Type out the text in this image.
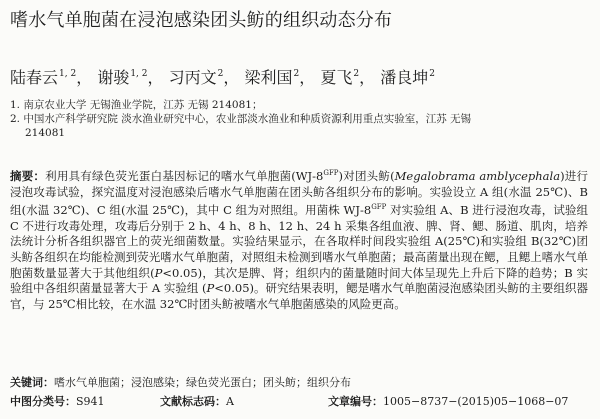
嗜水气单胞菌在浸泡感染团头鲂的组织动态分布
陆春云$^{1, 2}$， 谢骏$^{1, 2}$， 习丙文$^2$， 梁利国$^2$， 夏飞$^2$， 潘良坤$^2$
1. 南京农业大学 无锡渔业学院，江苏 无锡 214081；
2. 中国水产科学研究院 淡水渔业研究中心，农业部淡水渔业和种质资源利用重点实验室，江苏 无锡
214081
摘要：利用具有绿色荧光蛋白基因标记的嗜水气单胞菌$(WJ-8^{GFP})$对团头鲂(Megalobrama amblycephala)进行浸泡攻毒试验，探究温度对浸泡感染后嗜水气单胞菌在团头鲂各组织分布的影响。实验设立 A 组(水温 25℃)、B 组(水温 32℃)、C 组(水温 25℃)，其中 C 组为对照组。用菌株 $WJ-8^{GFP}$ 对实验组 A、B 进行浸泡攻毒，试验组 C 不进行攻毒处理，攻毒后分别于 2 h、4 h、8 h、12 h、24 h 采集各组血液、脾、肾、鳃、肠道、肌肉，培养法统计分析各组织器官上的荧光细菌数量。实验结果显示，在各取样时间段实验组 A(25℃)和实验组 B(32℃)团头鲂各组织在均能检测到荧光嗜水气单胞菌，对照组未检测到嗜水气单胞菌；最高菌量出现在鳃，且鳃上嗜水气单胞菌数量显著大于其他组织(P<0.05)，其次是脾、肾；组织内的菌量随时间大体呈现先上升后下降的趋势；B 实验组中各组织菌量显著大于 A 实验组 (P<0.05)。研究结果表明，鳃是嗜水气单胞菌浸泡感染团头鲂的主要组织器官，与 25℃相比较，在水温 32℃时团头鲂被嗜水气单胞菌感染的风险更高。
关键词：嗜水气单胞菌；浸泡感染；绿色荧光蛋白；团头鲂；组织分布
中图分类号：S941	文献标志码：A	文章编号：1005−8737−(2015)05−1068−07
